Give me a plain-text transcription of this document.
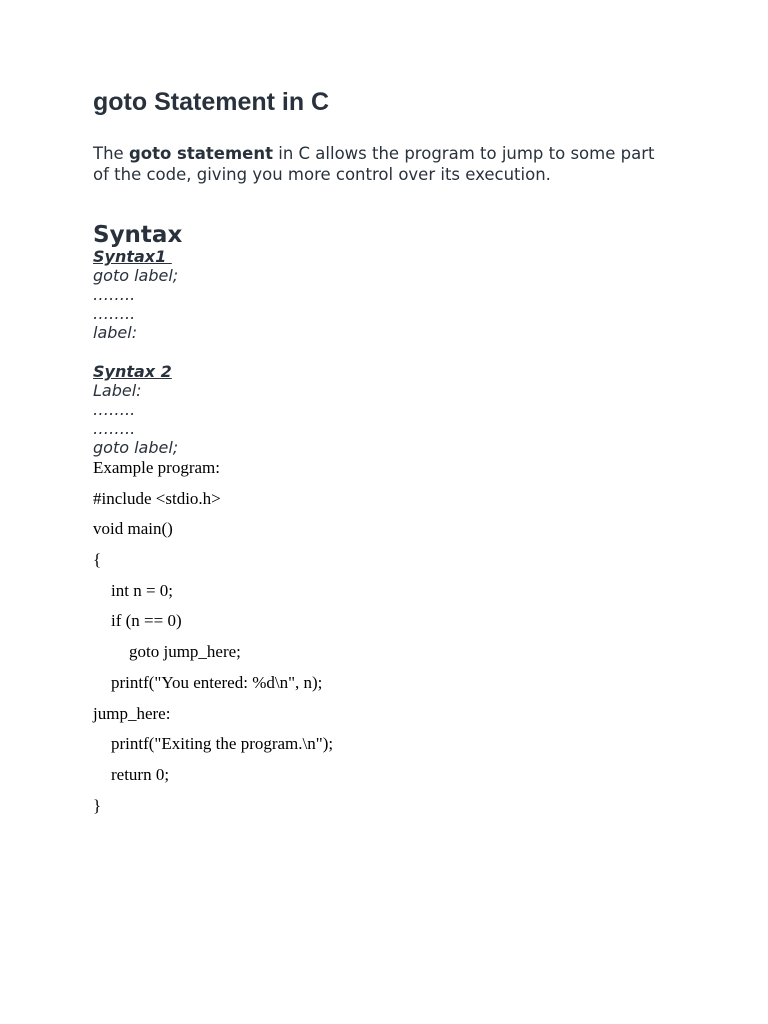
goto Statement in C

The goto statement in C allows the program to jump to some part of the code, giving you more control over its execution.

Syntax
Syntax1
goto label;
……..
……..
label:
Syntax 2
Label:
……..
……..
goto label;
Example program:
#include <stdio.h>
void main()
{
int n = 0;
if (n == 0)
goto jump_here;
printf("You entered: %d\n", n);
jump_here:
printf("Exiting the program.\n");
return 0;
}
